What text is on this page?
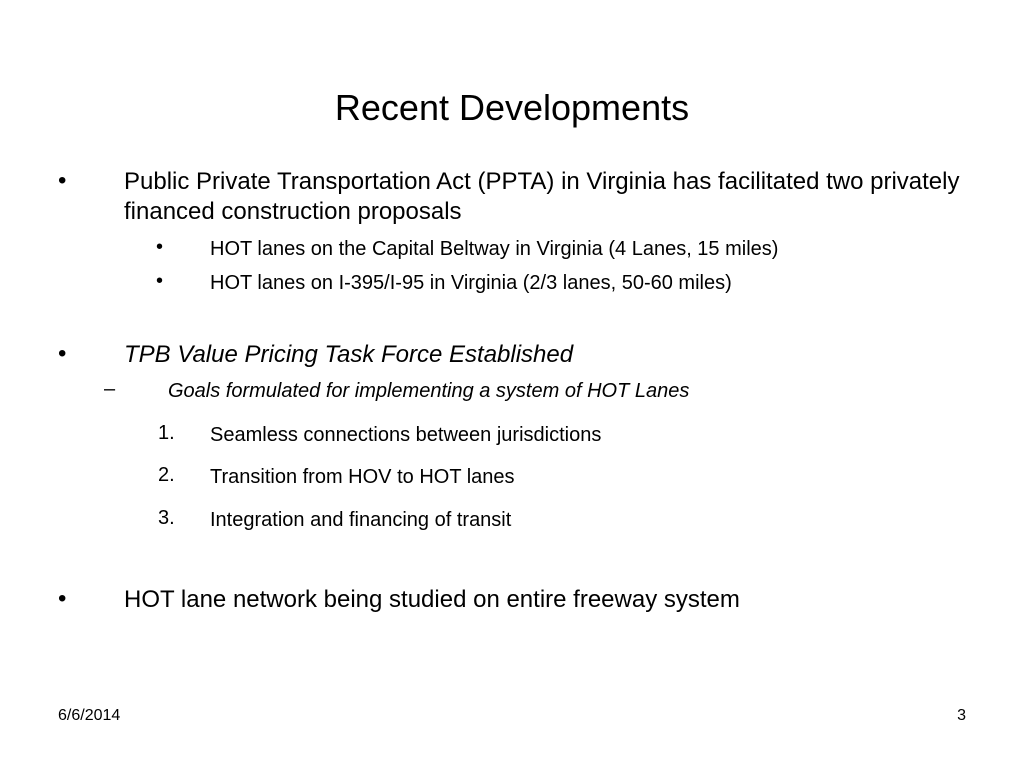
Recent Developments
• Public Private Transportation Act (PPTA) in Virginia has facilitated two privately financed construction proposals
• HOT lanes on the Capital Beltway in Virginia (4 Lanes, 15 miles)
• HOT lanes on I-395/I-95 in Virginia (2/3 lanes, 50-60 miles)
• TPB Value Pricing Task Force Established
–	Goals formulated for implementing a system of HOT Lanes
1. Seamless connections between jurisdictions
2. Transition from HOV to HOT lanes
3. Integration and financing of transit
• HOT lane network being studied on entire freeway system
6/6/2014	3
